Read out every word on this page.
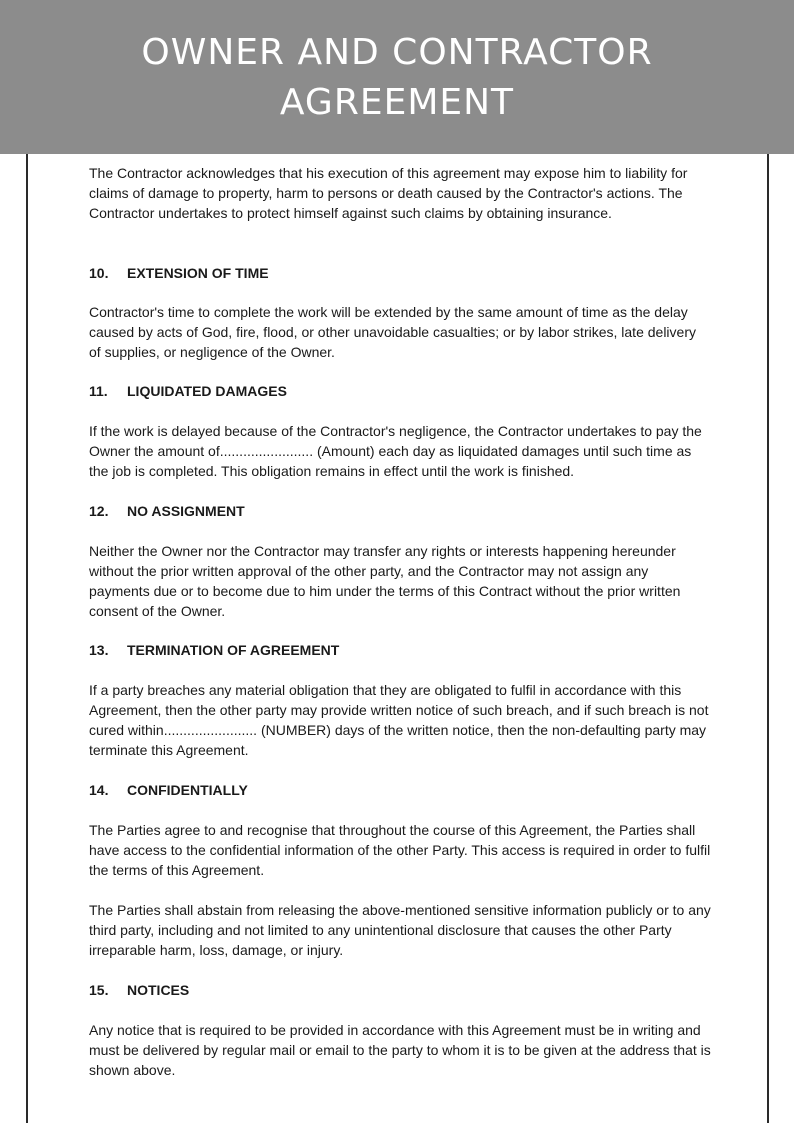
OWNER AND CONTRACTOR
AGREEMENT

The Contractor acknowledges that his execution of this agreement may expose him to liability for claims of damage to property, harm to persons or death caused by the Contractor's actions. The Contractor undertakes to protect himself against such claims by obtaining insurance.

10.	EXTENSION OF TIME

Contractor's time to complete the work will be extended by the same amount of time as the delay caused by acts of God, fire, flood, or other unavoidable casualties; or by labor strikes, late delivery of supplies, or negligence of the Owner.

11.	LIQUIDATED DAMAGES

If the work is delayed because of the Contractor's negligence, the Contractor undertakes to pay the Owner the amount of........................ (Amount) each day as liquidated damages until such time as the job is completed. This obligation remains in effect until the work is finished.

12.	NO ASSIGNMENT

Neither the Owner nor the Contractor may transfer any rights or interests happening hereunder without the prior written approval of the other party, and the Contractor may not assign any payments due or to become due to him under the terms of this Contract without the prior written consent of the Owner.

13.	TERMINATION OF AGREEMENT

If a party breaches any material obligation that they are obligated to fulfil in accordance with this Agreement, then the other party may provide written notice of such breach, and if such breach is not cured within........................ (NUMBER) days of the written notice, then the non-defaulting party may terminate this Agreement.

14.	CONFIDENTIALLY

The Parties agree to and recognise that throughout the course of this Agreement, the Parties shall have access to the confidential information of the other Party. This access is required in order to fulfil the terms of this Agreement.

The Parties shall abstain from releasing the above-mentioned sensitive information publicly or to any third party, including and not limited to any unintentional disclosure that causes the other Party irreparable harm, loss, damage, or injury.

15.	NOTICES

Any notice that is required to be provided in accordance with this Agreement must be in writing and must be delivered by regular mail or email to the party to whom it is to be given at the address that is shown above.
